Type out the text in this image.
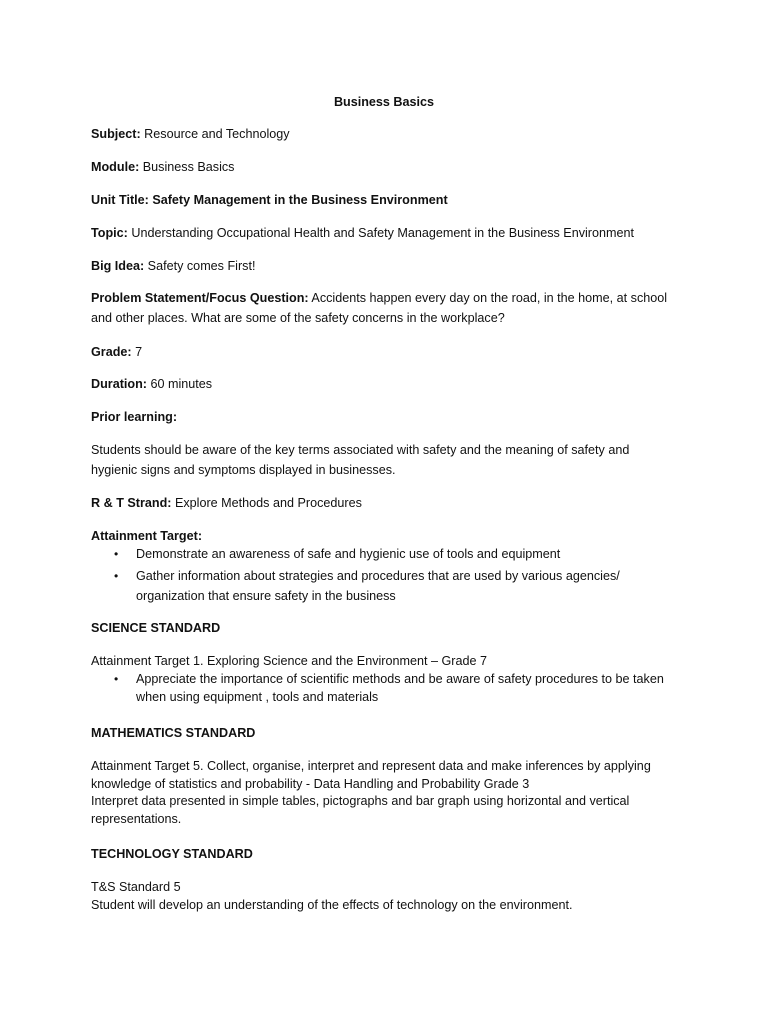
Business Basics

Subject: Resource and Technology

Module: Business Basics

Unit Title: Safety Management in the Business Environment

Topic: Understanding Occupational Health and Safety Management in the Business Environment

Big Idea: Safety comes First!

Problem Statement/Focus Question: Accidents happen every day on the road, in the home, at school and other places. What are some of the safety concerns in the workplace?

Grade: 7

Duration: 60 minutes

Prior learning:

Students should be aware of the key terms associated with safety and the meaning of safety and hygienic signs and symptoms displayed in businesses.

R & T Strand: Explore Methods and Procedures

Attainment Target:

• Demonstrate an awareness of safe and hygienic use of tools and equipment
• Gather information about strategies and procedures that are used by various agencies/ organization that ensure safety in the business

SCIENCE STANDARD

Attainment Target 1. Exploring Science and the Environment – Grade 7

• Appreciate the importance of scientific methods and be aware of safety procedures to be taken when using equipment , tools and materials

MATHEMATICS STANDARD

Attainment Target 5. Collect, organise, interpret and represent data and make inferences by applying knowledge of statistics and probability - Data Handling and Probability Grade 3

Interpret data presented in simple tables, pictographs and bar graph using horizontal and vertical representations.

TECHNOLOGY STANDARD

T&S Standard 5

Student will develop an understanding of the effects of technology on the environment.
